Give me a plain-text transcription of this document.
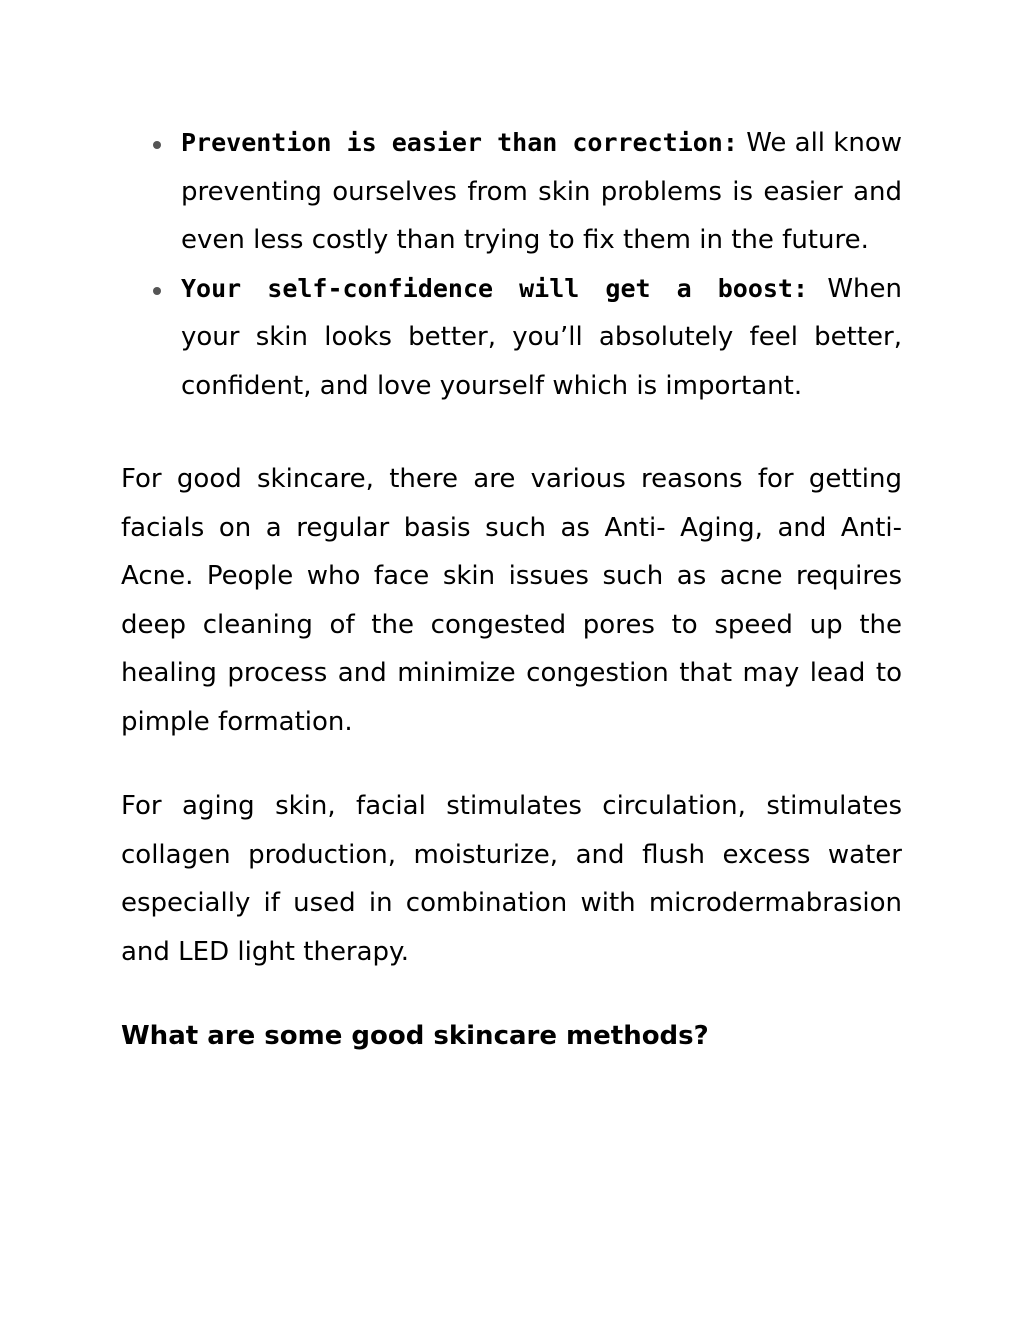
Prevention is easier than correction: We all know preventing ourselves from skin problems is easier and even less costly than trying to fix them in the future.
Your self-confidence will get a boost: When your skin looks better, you’ll absolutely feel better, confident, and love yourself which is important.

For good skincare, there are various reasons for getting facials on a regular basis such as Anti- Aging, and Anti-Acne. People who face skin issues such as acne requires deep cleaning of the congested pores to speed up the healing process and minimize congestion that may lead to pimple formation.

For aging skin, facial stimulates circulation, stimulates collagen production, moisturize, and flush excess water especially if used in combination with microdermabrasion and LED light therapy.

What are some good skincare methods?
